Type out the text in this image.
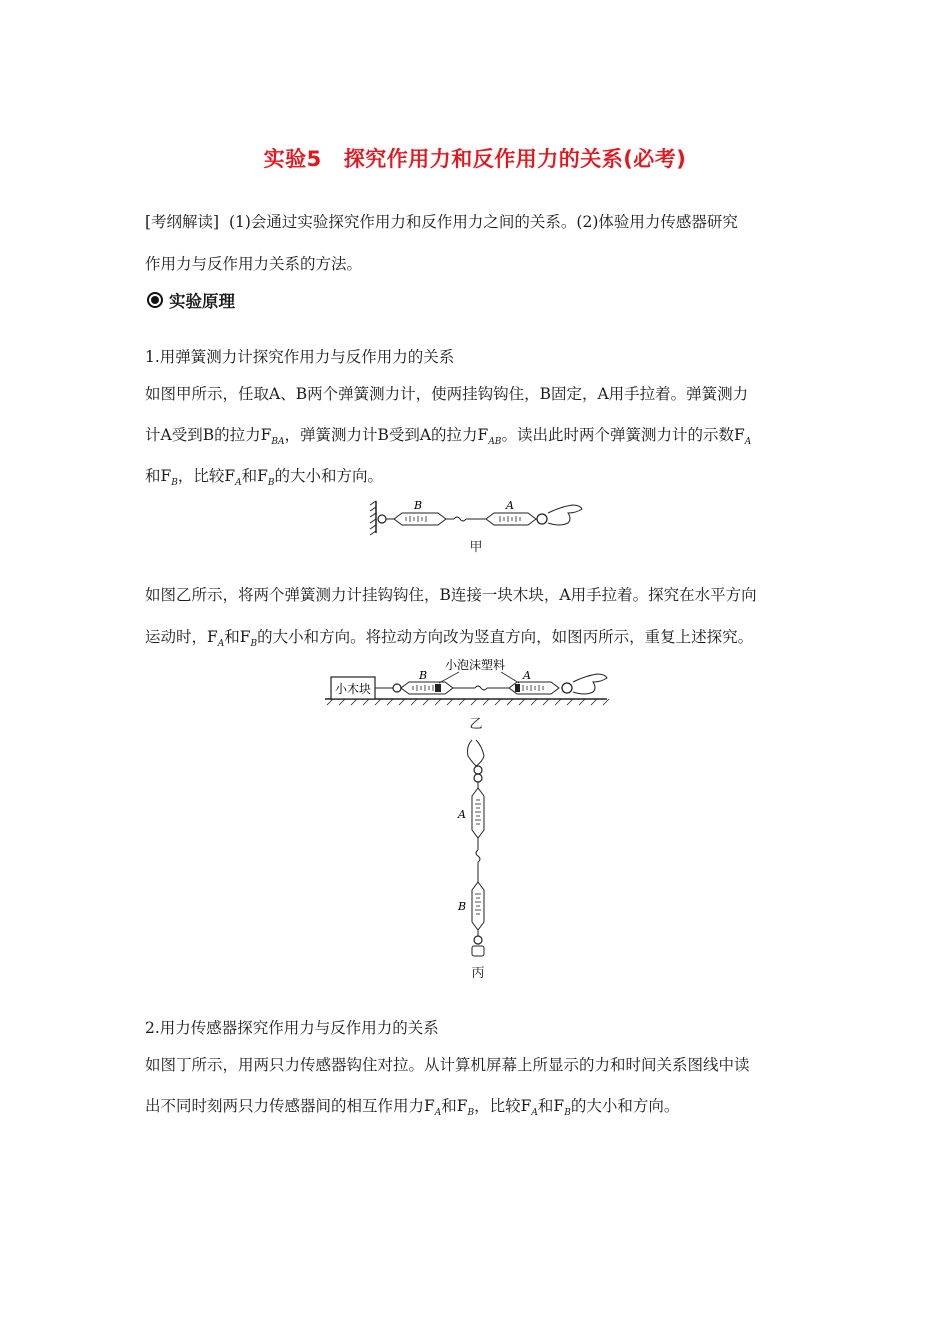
实验5 探究作用力和反作用力的关系(必考)
[考纲解读] (1)会通过实验探究作用力和反作用力之间的关系。(2)体验用力传感器研究
作用力与反作用力关系的方法。
实验原理
1.用弹簧测力计探究作用力与反作用力的关系
如图甲所示，任取A、B两个弹簧测力计，使两挂钩钩住，B固定，A用手拉着。弹簧测力
计A受到B的拉力$F_{BA}$，弹簧测力计B受到A的拉力$F_{AB}$。读出此时两个弹簧测力计的示数$F_A$
和$F_B$，比较$F_A$和$F_B$的大小和方向。
B	A
甲
如图乙所示，将两个弹簧测力计挂钩钩住，B连接一块木块，A用手拉着。探究在水平方向
运动时，$F_A$和$F_B$的大小和方向。将拉动方向改为竖直方向，如图丙所示，重复上述探究。
小木块
小泡沫塑料
B	A
乙
A
B
丙
2.用力传感器探究作用力与反作用力的关系
如图丁所示，用两只力传感器钩住对拉。从计算机屏幕上所显示的力和时间关系图线中读
出不同时刻两只力传感器间的相互作用力$F_A$和$F_B$，比较$F_A$和$F_B$的大小和方向。
